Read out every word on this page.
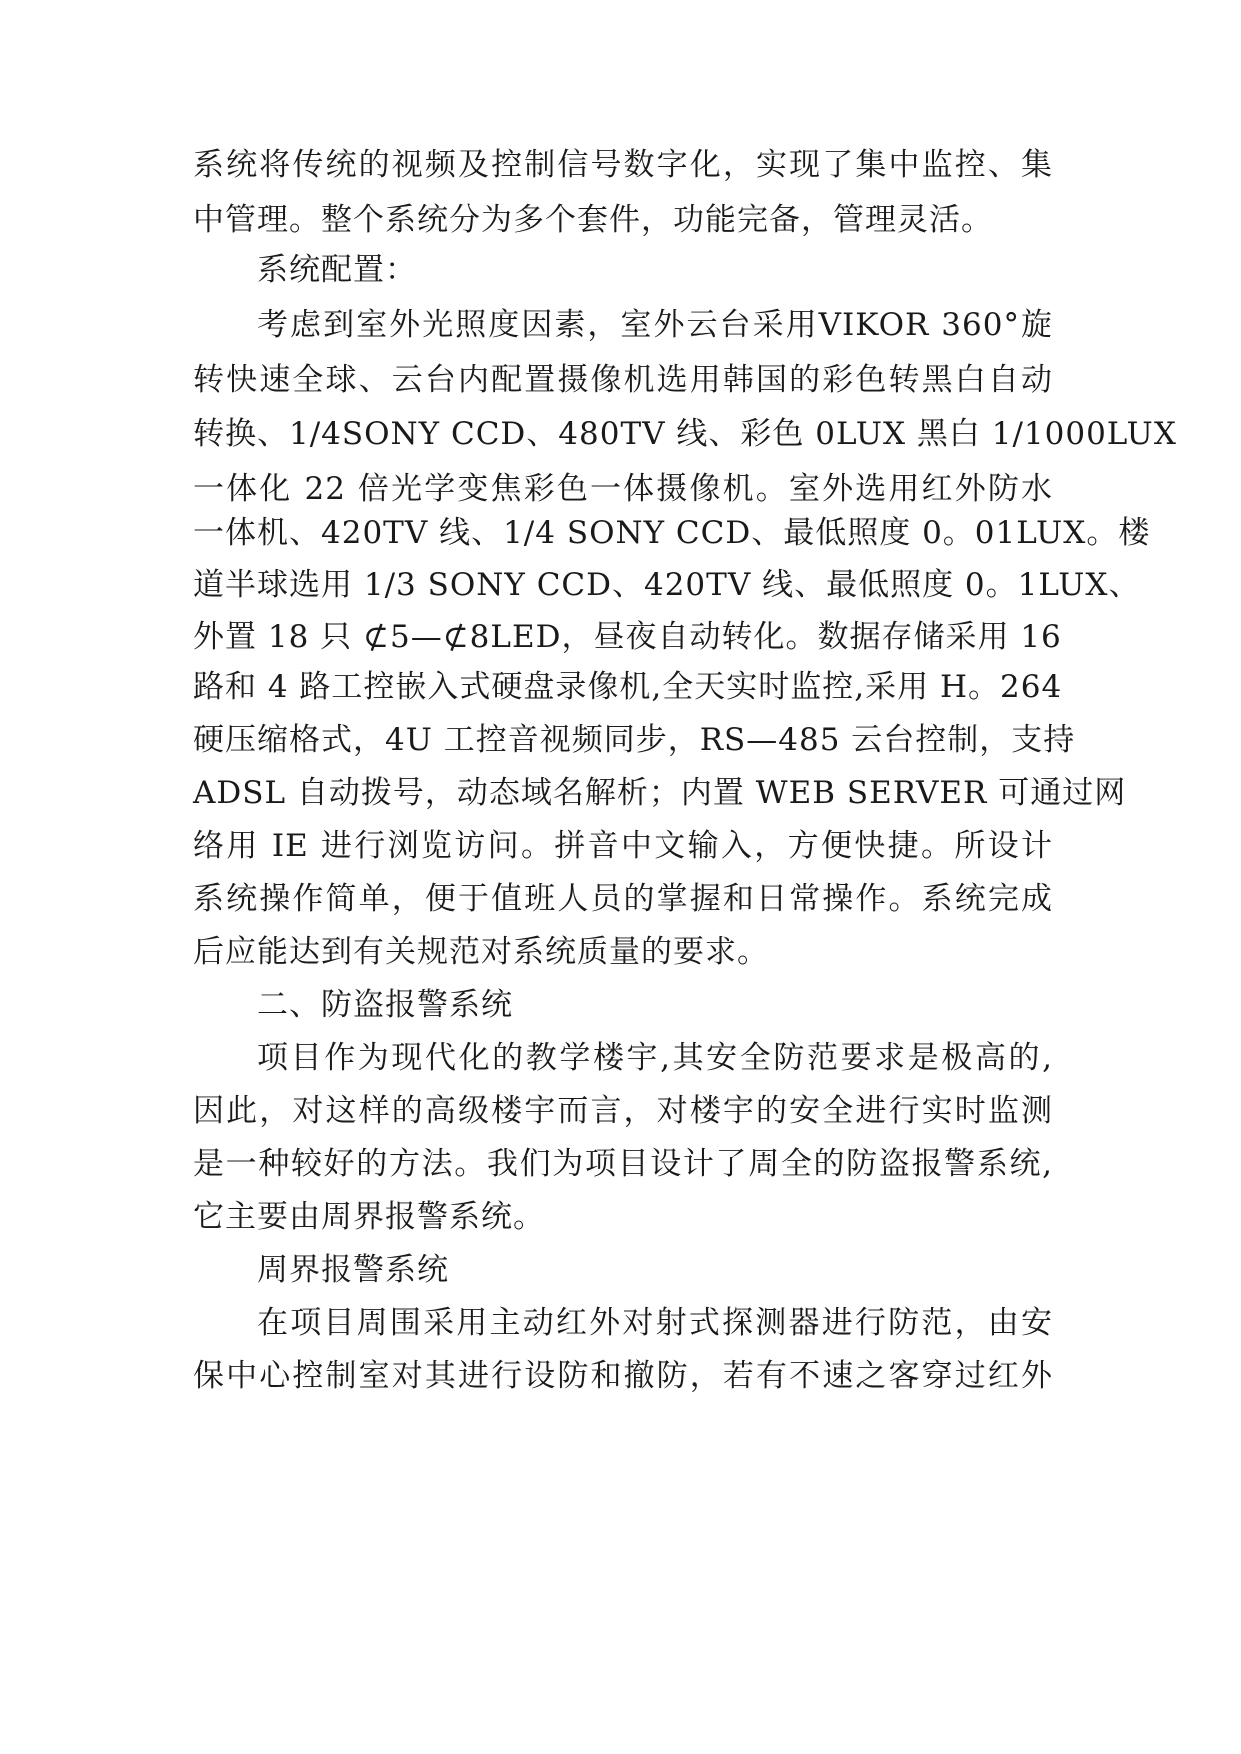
系统将传统的视频及控制信号数字化，实现了集中监控、集
中管理。整个系统分为多个套件，功能完备，管理灵活。
系统配置：
考虑到室外光照度因素，室外云台采用VIKOR 360°旋
转快速全球、云台内配置摄像机选用韩国的彩色转黑白自动
转换、1/4SONY CCD、480TV 线、彩色 0LUX 黑白 1/1000LUX
一体化 22 倍光学变焦彩色一体摄像机。室外选用红外防水
一体机、420TV 线、1/4 SONY CCD、最低照度 0。01LUX。楼
道半球选用 1/3 SONY CCD、420TV 线、最低照度 0。1LUX、
外置 18 只 ⊄5—⊄8LED，昼夜自动转化。数据存储采用 16
路和 4 路工控嵌入式硬盘录像机,全天实时监控,采用 H。264
硬压缩格式，4U 工控音视频同步，RS—485 云台控制，支持
ADSL 自动拨号，动态域名解析；内置 WEB SERVER 可通过网
络用 IE 进行浏览访问。拼音中文输入，方便快捷。所设计
系统操作简单，便于值班人员的掌握和日常操作。系统完成
后应能达到有关规范对系统质量的要求。
二、防盗报警系统
项目作为现代化的教学楼宇,其安全防范要求是极高的,
因此，对这样的高级楼宇而言，对楼宇的安全进行实时监测
是一种较好的方法。我们为项目设计了周全的防盗报警系统,
它主要由周界报警系统。
周界报警系统
在项目周围采用主动红外对射式探测器进行防范，由安
保中心控制室对其进行设防和撤防，若有不速之客穿过红外
